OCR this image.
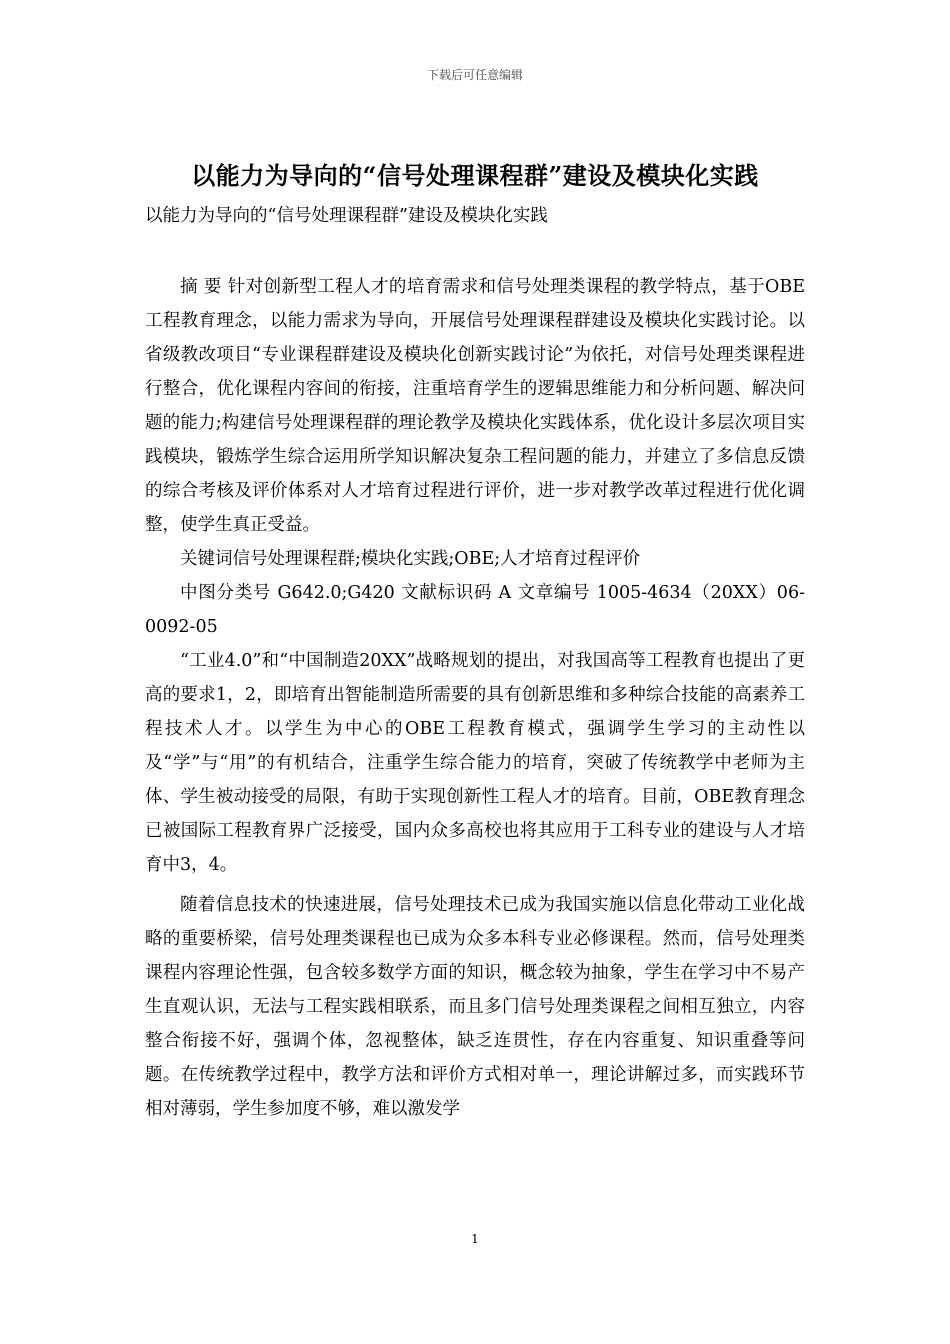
下载后可任意编辑
以能力为导向的“信号处理课程群”建设及模块化实践
以能力为导向的“信号处理课程群”建设及模块化实践

摘 要 针对创新型工程人才的培育需求和信号处理类课程的教学特点，基于OBE工程教育理念，以能力需求为导向，开展信号处理课程群建设及模块化实践讨论。以省级教改项目“专业课程群建设及模块化创新实践讨论”为依托，对信号处理类课程进行整合，优化课程内容间的衔接，注重培育学生的逻辑思维能力和分析问题、解决问题的能力;构建信号处理课程群的理论教学及模块化实践体系，优化设计多层次项目实践模块，锻炼学生综合运用所学知识解决复杂工程问题的能力，并建立了多信息反馈的综合考核及评价体系对人才培育过程进行评价，进一步对教学改革过程进行优化调整，使学生真正受益。

关键词信号处理课程群;模块化实践;OBE;人才培育过程评价

中图分类号 G642.0;G420 文献标识码 A 文章编号 1005-4634（20XX）06-0092-05

“工业4.0”和“中国制造20XX”战略规划的提出，对我国高等工程教育也提出了更高的要求1，2，即培育出智能制造所需要的具有创新思维和多种综合技能的高素养工程技术人才。以学生为中心的OBE工程教育模式，强调学生学习的主动性以及“学”与“用”的有机结合，注重学生综合能力的培育，突破了传统教学中老师为主体、学生被动接受的局限，有助于实现创新性工程人才的培育。目前，OBE教育理念已被国际工程教育界广泛接受，国内众多高校也将其应用于工科专业的建设与人才培育中3，4。

随着信息技术的快速进展，信号处理技术已成为我国实施以信息化带动工业化战略的重要桥梁，信号处理类课程也已成为众多本科专业必修课程。然而，信号处理类课程内容理论性强，包含较多数学方面的知识，概念较为抽象，学生在学习中不易产生直观认识，无法与工程实践相联系，而且多门信号处理类课程之间相互独立，内容整合衔接不好，强调个体，忽视整体，缺乏连贯性，存在内容重复、知识重叠等问题。在传统教学过程中，教学方法和评价方式相对单一，理论讲解过多，而实践环节相对薄弱，学生参加度不够，难以激发学

1
